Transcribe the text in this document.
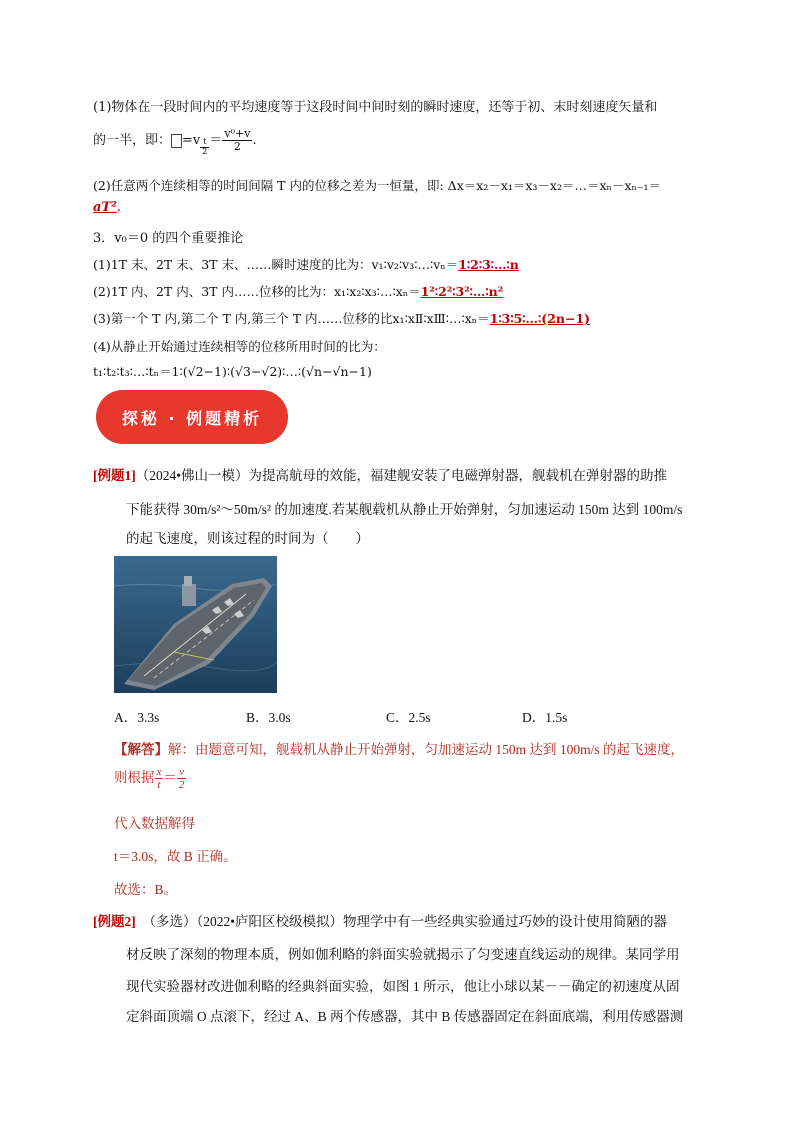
(1)物体在一段时间内的平均速度等于这段时间中间时刻的瞬时速度，还等于初、末时刻速度矢量和
的一半，即： $=v \frac{t}{2} = \frac{\text{v⁰+v}}{2}$ .
(2)任意两个连续相等的时间间隔 T 内的位移之差为一恒量，即: Δx＝x₂－x₁＝x₃－x₂＝…＝xₙ－xₙ₋₁＝
aT².
3．v₀＝0 的四个重要推论
(1)1T 末、2T 末、3T 末、……瞬时速度的比为：v₁∶v₂∶v₃∶…∶vₙ＝1∶2∶3∶…∶n
(2)1T 内、2T 内、3T 内……位移的比为：x₁∶x₂∶x₃∶…∶xₙ＝1²∶2²∶3²∶…∶n²
(3)第一个 T 内,第二个 T 内,第三个 T 内……位移的比x₁∶xⅡ∶xⅢ∶…∶xₙ＝1∶3∶5∶…∶(2n−1)
(4)从静止开始通过连续相等的位移所用时间的比为：
t₁∶t₂∶t₃∶…∶tₙ＝1∶(√2−1)∶(√3−√2)∶…∶(√n−√n−1)
探秘 · 例题精析
[例题1]（2024•佛山一模）为提高航母的效能，福建舰安装了电磁弹射器，舰载机在弹射器的助推
下能获得 30m/s²～50m/s² 的加速度.若某舰载机从静止开始弹射，匀加速运动 150m 达到 100m/s
的起飞速度，则该过程的时间为（　　）
A．3.3s	B．3.0s	C．2.5s	D．1.5s
【解答】解：由题意可知，舰载机从静止开始弹射，匀加速运动 150m 达到 100m/s 的起飞速度，
则根据 $\frac{x}{t} = \frac{v}{2}$
代入数据解得
t＝3.0s，故 B 正确。
故选：B。
[例题2]　 （多选）（2022•庐阳区校级模拟）物理学中有一些经典实验通过巧妙的设计使用简陋的器
材反映了深刻的物理本质，例如伽利略的斜面实验就揭示了匀变速直线运动的规律。某同学用
现代实验器材改进伽利略的经典斜面实验，如图 1 所示，他让小球以某－－确定的初速度从固
定斜面顶端 O 点滚下，经过 A、B 两个传感器，其中 B 传感器固定在斜面底端，利用传感器测
